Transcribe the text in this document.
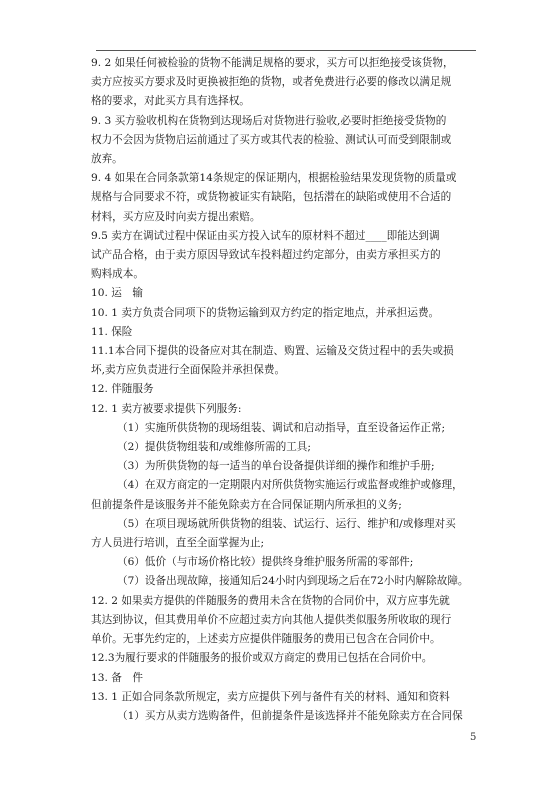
9. 2 如果任何被检验的货物不能满足规格的要求，买方可以拒绝接受该货物，

卖方应按买方要求及时更换被拒绝的货物，或者免费进行必要的修改以满足规

格的要求，对此买方具有选择权。

9. 3 买方验收机构在货物到达现场后对货物进行验收,必要时拒绝接受货物的

权力不会因为货物启运前通过了买方或其代表的检验、测试认可而受到限制或

放弃。

9. 4 如果在合同条款第14条规定的保证期内，根据检验结果发现货物的质量或

规格与合同要求不符，或货物被证实有缺陷，包括潜在的缺陷或使用不合适的

材料，买方应及时向卖方提出索赔。

9.5 卖方在调试过程中保证由买方投入试车的原材料不超过____即能达到调

试产品合格，由于卖方原因导致试车投料超过约定部分，由卖方承担买方的

购料成本。

10. 运　输

10. 1 卖方负责合同项下的货物运输到双方约定的指定地点，并承担运费。

11. 保险

11.1本合同下提供的设备应对其在制造、购置、运输及交货过程中的丢失或损

坏,卖方应负责进行全面保险并承担保费。

12. 伴随服务

12. 1 卖方被要求提供下列服务:

（1）实施所供货物的现场组装、调试和启动指导，直至设备运作正常;

（2）提供货物组装和/或维修所需的工具;

（3）为所供货物的每一适当的单台设备提供详细的操作和维护手册;

（4）在双方商定的一定期限内对所供货物实施运行或监督或维护或修理，

但前提条件是该服务并不能免除卖方在合同保证期内所承担的义务;

（5）在项目现场就所供货物的组装、试运行、运行、维护和/或修理对买

方人员进行培训，直至全面掌握为止;

（6）低价（与市场价格比较）提供终身维护服务所需的零部件;

（7）设备出现故障，接通知后24小时内到现场之后在72小时内解除故障。

12. 2 如果卖方提供的伴随服务的费用未含在货物的合同价中，双方应事先就

其达到协议，但其费用单价不应超过卖方向其他人提供类似服务所收取的现行

单价。无事先约定的，上述卖方应提供伴随服务的费用已包含在合同价中。

12.3为履行要求的伴随服务的报价或双方商定的费用已包括在合同价中。

13. 备　件

13. 1 正如合同条款所规定，卖方应提供下列与备件有关的材料、通知和资料

（1）买方从卖方选购备件，但前提条件是该选择并不能免除卖方在合同保

5
